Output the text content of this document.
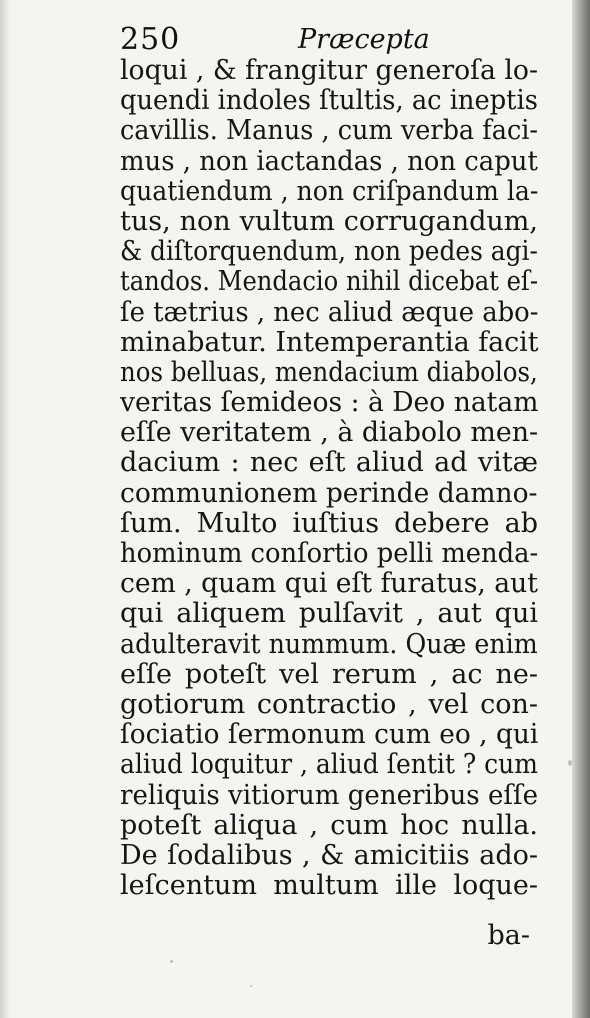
250	Præcepta
loqui , & frangitur generoſa lo-
quendi indoles ſtultis, ac ineptis
cavillis. Manus , cum verba faci-
mus , non iactandas , non caput
quatiendum , non criſpandum la-
tus, non vultum corrugandum,
& diſtorquendum, non pedes agi-
tandos. Mendacio nihil dicebat eſ-
ſe tætrius , nec aliud æque abo-
minabatur. Intemperantia facit
nos belluas, mendacium diabolos,
veritas ſemideos : à Deo natam
eſſe veritatem , à diabolo men-
dacium : nec eſt aliud ad vitæ
communionem perinde damno-
ſum. Multo iuſtius debere ab
hominum conſortio pelli menda-
cem , quam qui eſt furatus, aut
qui aliquem pulſavit , aut qui
adulteravit nummum. Quæ enim
eſſe poteſt vel rerum , ac ne-
gotiorum contractio , vel con-
ſociatio ſermonum cum eo , qui
aliud loquitur , aliud ſentit ? cum
reliquis vitiorum generibus eſſe
poteſt aliqua , cum hoc nulla.
De ſodalibus , & amicitiis ado-
leſcentum multum ille loque-
ba-
